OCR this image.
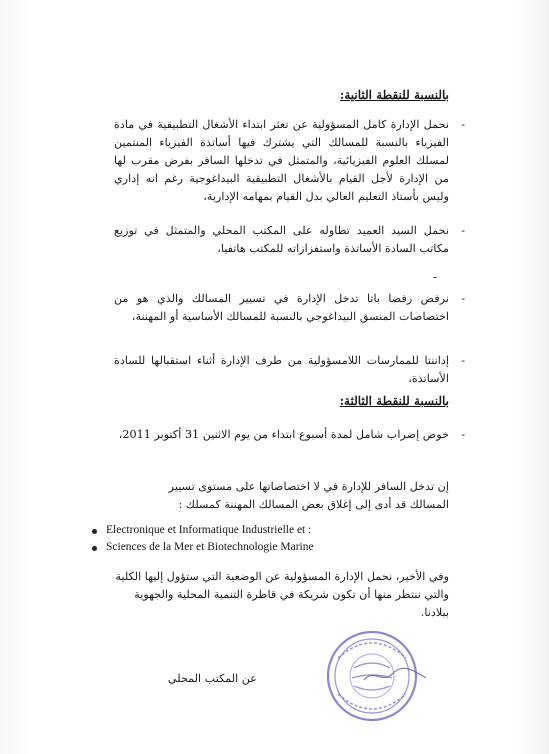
بالنسبة للنقطة الثانية:
-
نحمل الإدارة كامل المسؤولية عن تعثر ابتداء الأشغال التطبيقية في مادة الفيزياء بالنسبة للمسالك التي يشترك فيها أساتذة الفيزياء المنتمين لمسلك العلوم الفيزيائية، والمتمثل في تدخلها السافر بفرض مقرب لها من الإدارة لأجل القيام بالأشغال التطبيقية البيداغوجية رغم انه إداري وليس بأستاذ التعليم العالي بدل القيام بمهامه الإدارية،
-
نحمل السيد العميد تطاوله على المكتب المحلي والمتمثل في توزيع مكاتب السادة الأساتذة واستفزازاته للمكتب هاتفيا،
-
-
نرفض رفضا باتا تدخل الإدارة في تسيير المسالك والذي هو من اختصاصات المنسق البيداغوجي بالنسبة للمسالك الأساسية أو المهننة،
-
إداننتا للممارسات اللامسؤولية من طرف الإدارة أثناء استقبالها للسادة الأساتذة،
بالنسبة للنقطة الثالثة:
-
خوض إضراب شامل لمدة أسبوع ابتداء من يوم الاثنين 31 أكتوبر 2011،
إن تدخل السافر للإدارة في لا اختصاصاتها على مستوى تسيير المسالك قد أدى إلى إغلاق بعض المسالك المهننة كمسلك :
Electronique et Informatique Industrielle et :
Sciences de la Mer et Biotechnologie Marine
وفي الأخير، نحمل الإدارة المسؤولية عن الوضعية التي ستؤول إليها الكلية والتي ننتظر منها أن تكون شريكة في قاطرة التنمية المحلية والجهوية ببلادنا.
عن المكتب المحلي
